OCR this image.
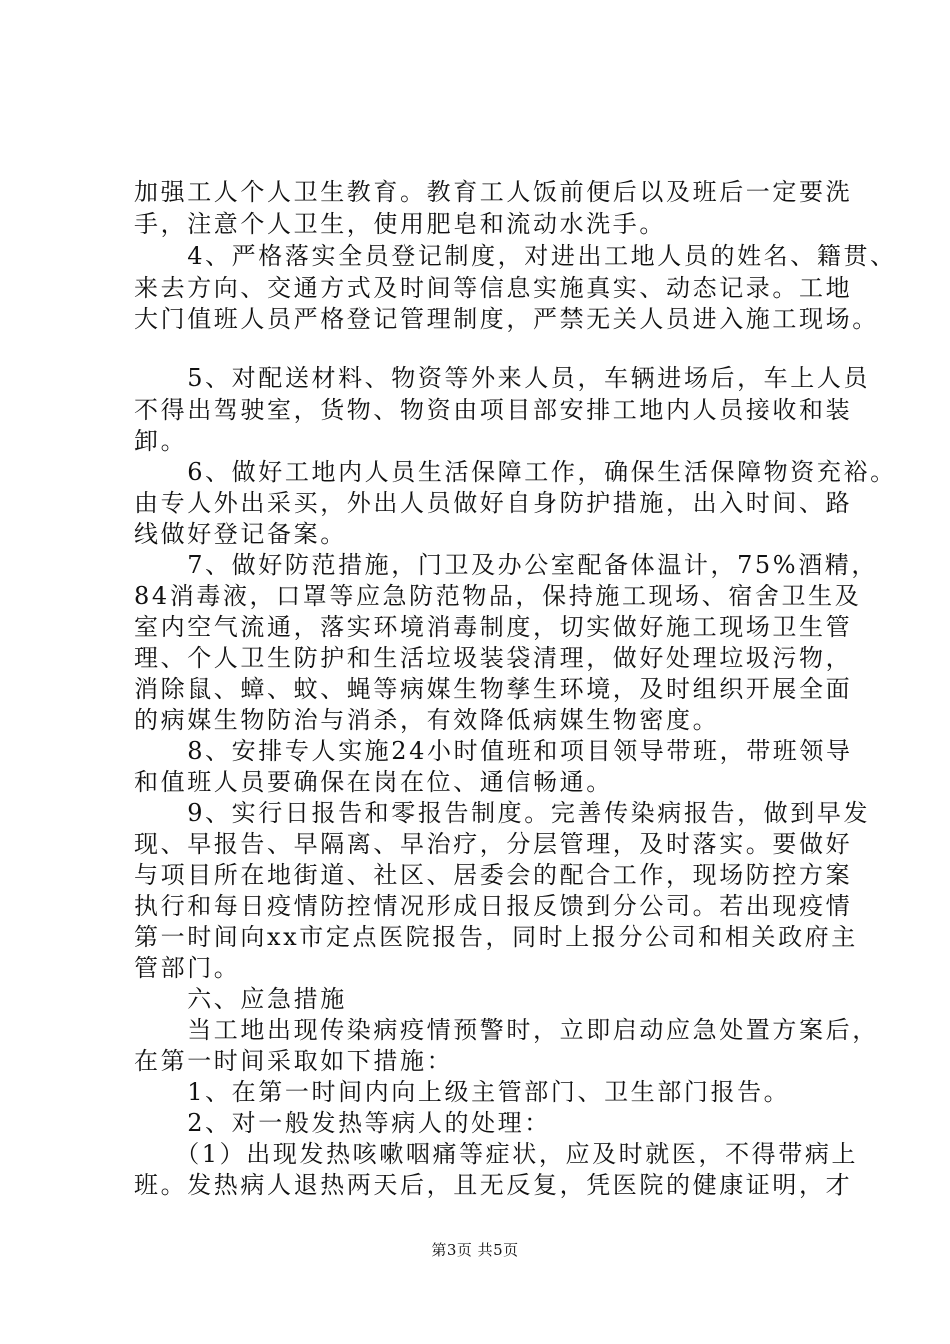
加强工人个人卫生教育。教育工人饭前便后以及班后一定要洗
手，注意个人卫生，使用肥皂和流动水洗手。
　　4、严格落实全员登记制度，对进出工地人员的姓名、籍贯、
来去方向、交通方式及时间等信息实施真实、动态记录。工地
大门值班人员严格登记管理制度，严禁无关人员进入施工现场。
　　5、对配送材料、物资等外来人员，车辆进场后，车上人员
不得出驾驶室，货物、物资由项目部安排工地内人员接收和装
卸。
　　6、做好工地内人员生活保障工作，确保生活保障物资充裕。
由专人外出采买，外出人员做好自身防护措施，出入时间、路
线做好登记备案。
　　7、做好防范措施，门卫及办公室配备体温计，75%酒精，
84消毒液，口罩等应急防范物品，保持施工现场、宿舍卫生及
室内空气流通，落实环境消毒制度，切实做好施工现场卫生管
理、个人卫生防护和生活垃圾装袋清理，做好处理垃圾污物，
消除鼠、蟑、蚊、蝇等病媒生物孳生环境，及时组织开展全面
的病媒生物防治与消杀，有效降低病媒生物密度。
　　8、安排专人实施24小时值班和项目领导带班，带班领导
和值班人员要确保在岗在位、通信畅通。
　　9、实行日报告和零报告制度。完善传染病报告，做到早发
现、早报告、早隔离、早治疗，分层管理，及时落实。要做好
与项目所在地街道、社区、居委会的配合工作，现场防控方案
执行和每日疫情防控情况形成日报反馈到分公司。若出现疫情
第一时间向xx市定点医院报告，同时上报分公司和相关政府主
管部门。
　　六、应急措施
　　当工地出现传染病疫情预警时，立即启动应急处置方案后，
在第一时间采取如下措施：
　　1、在第一时间内向上级主管部门、卫生部门报告。
　　2、对一般发热等病人的处理：
　　（1）出现发热咳嗽咽痛等症状，应及时就医，不得带病上
班。发热病人退热两天后，且无反复，凭医院的健康证明，才
第3页 共5页
